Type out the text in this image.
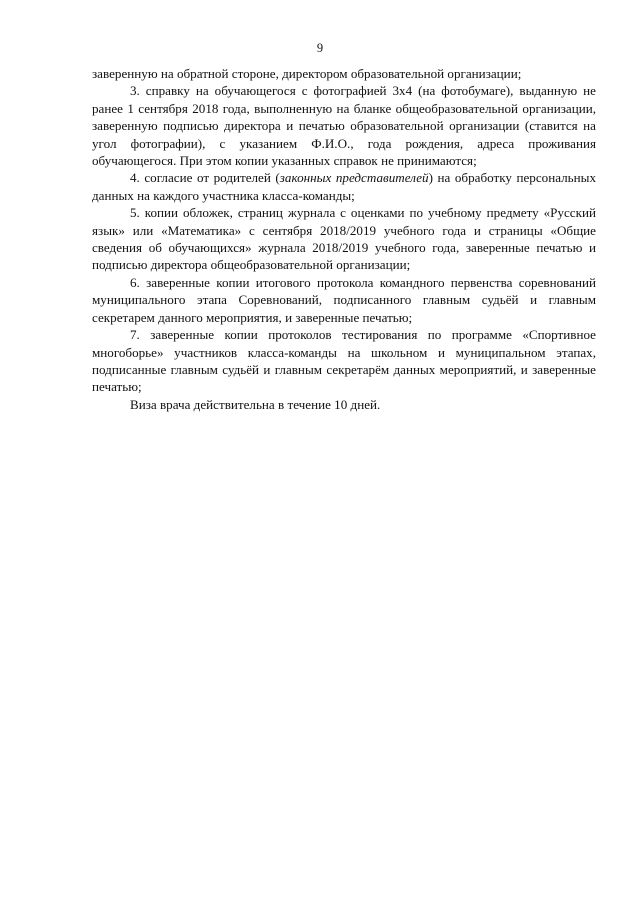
9

заверенную на обратной стороне, директором образовательной организации;

3. справку на обучающегося с фотографией 3х4 (на фотобумаге), выданную не ранее 1 сентября 2018 года, выполненную на бланке общеобразовательной организации, заверенную подписью директора и печатью образовательной организации (ставится на угол фотографии), с указанием Ф.И.О., года рождения, адреса проживания обучающегося. При этом копии указанных справок не принимаются;

4. согласие от родителей (законных представителей) на обработку персональных данных на каждого участника класса-команды;

5. копии обложек, страниц журнала с оценками по учебному предмету «Русский язык» или «Математика» с сентября 2018/2019 учебного года и страницы «Общие сведения об обучающихся» журнала 2018/2019 учебного года, заверенные печатью и подписью директора общеобразовательной организации;

6. заверенные копии итогового протокола командного первенства соревнований муниципального этапа Соревнований, подписанного главным судьёй и главным секретарем данного мероприятия, и заверенные печатью;

7. заверенные копии протоколов тестирования по программе «Спортивное многоборье» участников класса-команды на школьном и муниципальном этапах, подписанные главным судьёй и главным секретарём данных мероприятий, и заверенные печатью;

Виза врача действительна в течение 10 дней.
